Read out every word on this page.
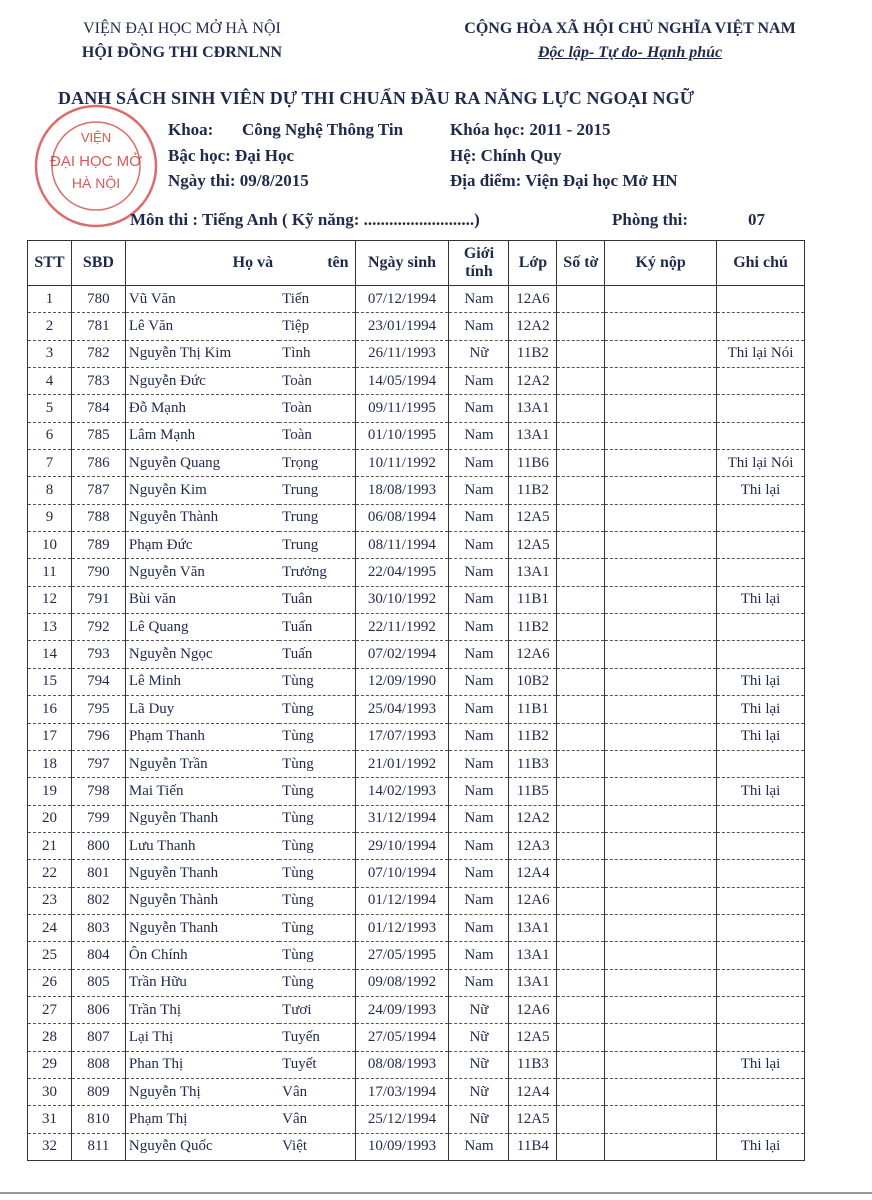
VIỆN ĐẠI HỌC MỞ HÀ NỘI
HỘI ĐỒNG THI CĐRNLNN
CỘNG HÒA XÃ HỘI CHỦ NGHĨA VIỆT NAM
Độc lập- Tự do- Hạnh phúc
DANH SÁCH SINH VIÊN DỰ THI CHUẨN ĐẦU RA NĂNG LỰC NGOẠI NGỮ
VIỆN
ĐẠI HỌC MỞ
HÀ NỘI
Khoa: Công Nghệ Thông Tin	Khóa học: 2011 - 2015
Bậc học: Đại Học	Hệ: Chính Quy
Ngày thi: 09/8/2015	Địa điểm: Viện Đại học Mở HN
Môn thi : Tiếng Anh ( Kỹ năng: ..........................)	Phòng thi:	07
STT	SBD	Họ và	tên	Ngày sinh	Giới tính	Lớp	Số tờ	Ký nộp	Ghi chú
1	780	Vũ Văn	Tiến	07/12/1994	Nam	12A6			
2	781	Lê Văn	Tiệp	23/01/1994	Nam	12A2			
3	782	Nguyễn Thị Kim	Tình	26/11/1993	Nữ	11B2			Thi lại Nói
4	783	Nguyễn Đức	Toàn	14/05/1994	Nam	12A2			
5	784	Đỗ Mạnh	Toàn	09/11/1995	Nam	13A1			
6	785	Lâm Mạnh	Toàn	01/10/1995	Nam	13A1			
7	786	Nguyễn Quang	Trọng	10/11/1992	Nam	11B6			Thi lại Nói
8	787	Nguyễn Kim	Trung	18/08/1993	Nam	11B2			Thi lại
9	788	Nguyễn Thành	Trung	06/08/1994	Nam	12A5			
10	789	Phạm Đức	Trung	08/11/1994	Nam	12A5			
11	790	Nguyễn Văn	Trưởng	22/04/1995	Nam	13A1			
12	791	Bùi văn	Tuân	30/10/1992	Nam	11B1			Thi lại
13	792	Lê Quang	Tuấn	22/11/1992	Nam	11B2			
14	793	Nguyễn Ngọc	Tuấn	07/02/1994	Nam	12A6			
15	794	Lê Minh	Tùng	12/09/1990	Nam	10B2			Thi lại
16	795	Lã Duy	Tùng	25/04/1993	Nam	11B1			Thi lại
17	796	Phạm Thanh	Tùng	17/07/1993	Nam	11B2			Thi lại
18	797	Nguyễn Trần	Tùng	21/01/1992	Nam	11B3			
19	798	Mai Tiến	Tùng	14/02/1993	Nam	11B5			Thi lại
20	799	Nguyễn Thanh	Tùng	31/12/1994	Nam	12A2			
21	800	Lưu Thanh	Tùng	29/10/1994	Nam	12A3			
22	801	Nguyễn Thanh	Tùng	07/10/1994	Nam	12A4			
23	802	Nguyễn Thành	Tùng	01/12/1994	Nam	12A6			
24	803	Nguyễn Thanh	Tùng	01/12/1993	Nam	13A1			
25	804	Ôn Chính	Tùng	27/05/1995	Nam	13A1			
26	805	Trần Hữu	Tùng	09/08/1992	Nam	13A1			
27	806	Trần Thị	Tươi	24/09/1993	Nữ	12A6			
28	807	Lại Thị	Tuyến	27/05/1994	Nữ	12A5			
29	808	Phan Thị	Tuyết	08/08/1993	Nữ	11B3			Thi lại
30	809	Nguyễn Thị	Vân	17/03/1994	Nữ	12A4			
31	810	Phạm Thị	Vân	25/12/1994	Nữ	12A5			
32	811	Nguyễn Quốc	Việt	10/09/1993	Nam	11B4			Thi lại
